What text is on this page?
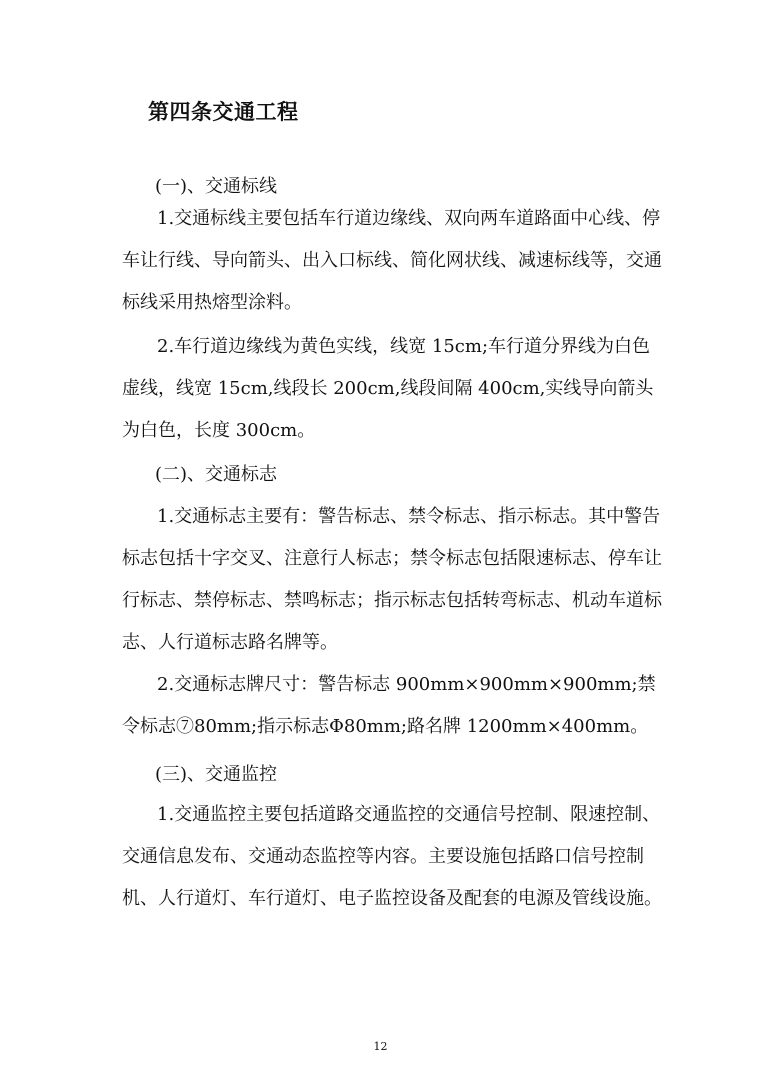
第四条交通工程
(一)、交通标线

1.交通标线主要包括车行道边缘线、双向两车道路面中心线、停车让行线、导向箭头、出入口标线、简化网状线、减速标线等，交通标线采用热熔型涂料。

2.车行道边缘线为黄色实线，线宽 15cm;车行道分界线为白色虚线，线宽 15cm,线段长 200cm,线段间隔 400cm,实线导向箭头为白色，长度 300cm。

(二)、交通标志

1.交通标志主要有：警告标志、禁令标志、指示标志。其中警告标志包括十字交叉、注意行人标志；禁令标志包括限速标志、停车让行标志、禁停标志、禁鸣标志；指示标志包括转弯标志、机动车道标志、人行道标志路名牌等。

2.交通标志牌尺寸：警告标志 900mm×900mm×900mm;禁令标志⑦80mm;指示标志Φ80mm;路名牌 1200mm×400mm。

(三)、交通监控

1.交通监控主要包括道路交通监控的交通信号控制、限速控制、交通信息发布、交通动态监控等内容。主要设施包括路口信号控制机、人行道灯、车行道灯、电子监控设备及配套的电源及管线设施。

12
